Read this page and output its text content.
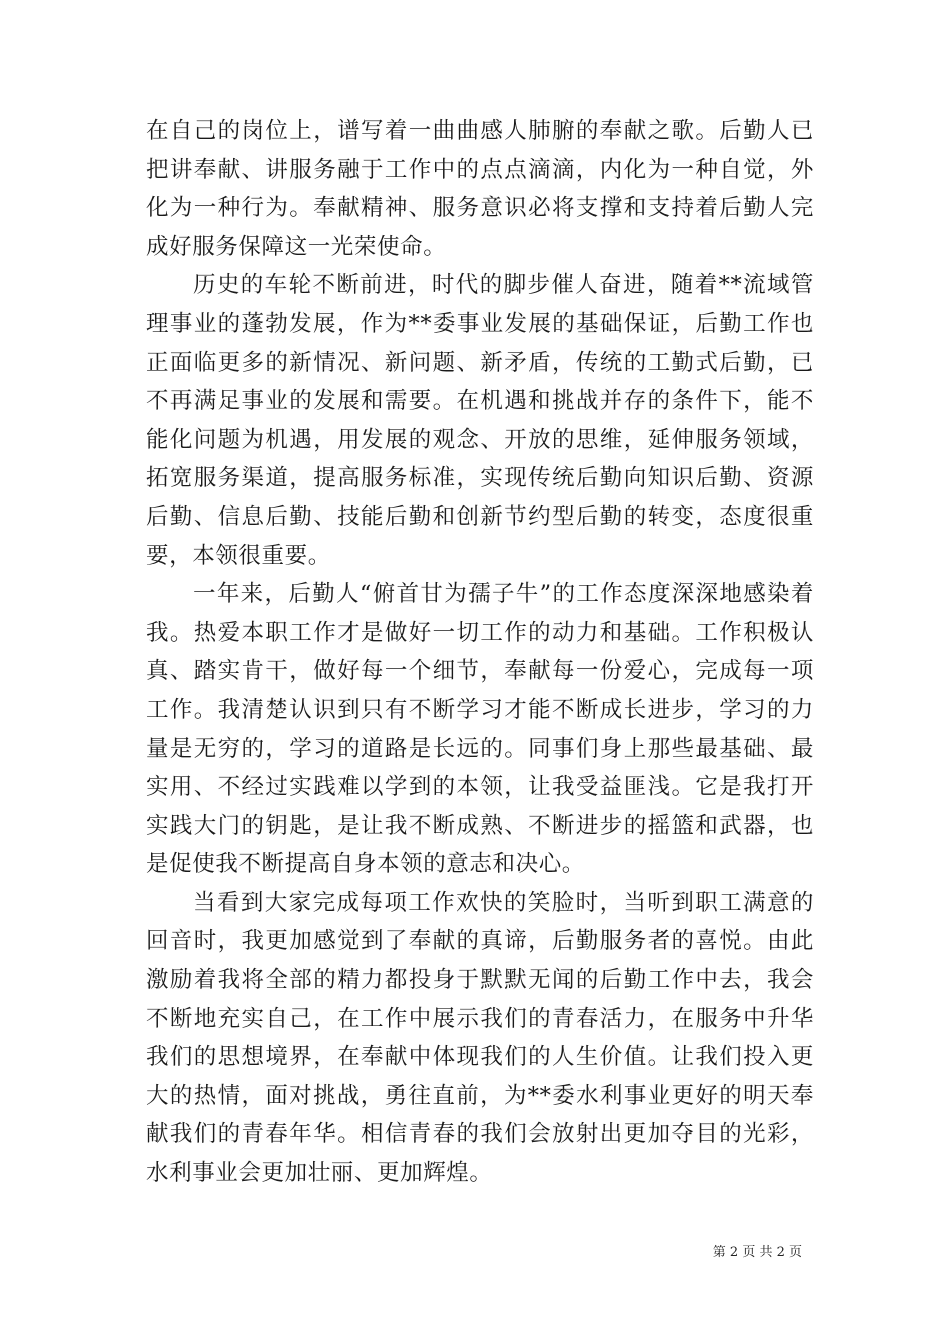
在自己的岗位上，谱写着一曲曲感人肺腑的奉献之歌。后勤人已把讲奉献、讲服务融于工作中的点点滴滴，内化为一种自觉，外化为一种行为。奉献精神、服务意识必将支撑和支持着后勤人完成好服务保障这一光荣使命。

历史的车轮不断前进，时代的脚步催人奋进，随着**流域管理事业的蓬勃发展，作为**委事业发展的基础保证，后勤工作也正面临更多的新情况、新问题、新矛盾，传统的工勤式后勤，已不再满足事业的发展和需要。在机遇和挑战并存的条件下，能不能化问题为机遇，用发展的观念、开放的思维，延伸服务领域，拓宽服务渠道，提高服务标准，实现传统后勤向知识后勤、资源后勤、信息后勤、技能后勤和创新节约型后勤的转变，态度很重要，本领很重要。

一年来，后勤人“俯首甘为孺子牛”的工作态度深深地感染着我。热爱本职工作才是做好一切工作的动力和基础。工作积极认真、踏实肯干，做好每一个细节，奉献每一份爱心，完成每一项工作。我清楚认识到只有不断学习才能不断成长进步，学习的力量是无穷的，学习的道路是长远的。同事们身上那些最基础、最实用、不经过实践难以学到的本领，让我受益匪浅。它是我打开实践大门的钥匙，是让我不断成熟、不断进步的摇篮和武器，也是促使我不断提高自身本领的意志和决心。

当看到大家完成每项工作欢快的笑脸时，当听到职工满意的回音时，我更加感觉到了奉献的真谛，后勤服务者的喜悦。由此激励着我将全部的精力都投身于默默无闻的后勤工作中去，我会不断地充实自己，在工作中展示我们的青春活力，在服务中升华我们的思想境界，在奉献中体现我们的人生价值。让我们投入更大的热情，面对挑战，勇往直前，为**委水利事业更好的明天奉献我们的青春年华。相信青春的我们会放射出更加夺目的光彩，水利事业会更加壮丽、更加辉煌。

第 2 页 共 2 页
